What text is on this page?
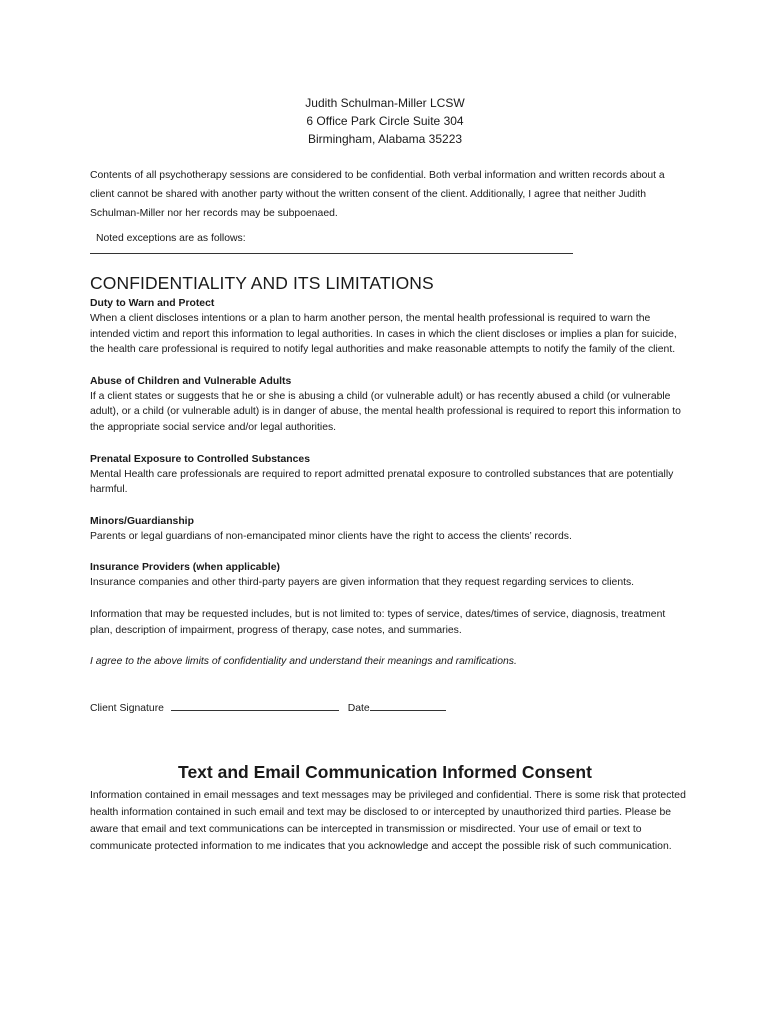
Judith Schulman-Miller LCSW
6 Office Park Circle Suite 304
Birmingham, Alabama 35223

Contents of all psychotherapy sessions are considered to be confidential. Both verbal information and written records about a client cannot be shared with another party without the written consent of the client. Additionally, I agree that neither Judith Schulman-Miller nor her records may be subpoenaed.

Noted exceptions are as follows:
CONFIDENTIALITY AND ITS LIMITATIONS

Duty to Warn and Protect

When a client discloses intentions or a plan to harm another person, the mental health professional is required to warn the intended victim and report this information to legal authorities. In cases in which the client discloses or implies a plan for suicide, the health care professional is required to notify legal authorities and make reasonable attempts to notify the family of the client.

Abuse of Children and Vulnerable Adults

If a client states or suggests that he or she is abusing a child (or vulnerable adult) or has recently abused a child (or vulnerable adult), or a child (or vulnerable adult) is in danger of abuse, the mental health professional is required to report this information to the appropriate social service and/or legal authorities.

Prenatal Exposure to Controlled Substances

Mental Health care professionals are required to report admitted prenatal exposure to controlled substances that are potentially harmful.

Minors/Guardianship

Parents or legal guardians of non-emancipated minor clients have the right to access the clients’ records.

Insurance Providers (when applicable)

Insurance companies and other third-party payers are given information that they request regarding services to clients.

Information that may be requested includes, but is not limited to: types of service, dates/times of service, diagnosis, treatment plan, description of impairment, progress of therapy, case notes, and summaries.

I agree to the above limits of confidentiality and understand their meanings and ramifications.

Client Signature	Date
Text and Email Communication Informed Consent

Information contained in email messages and text messages may be privileged and confidential. There is some risk that protected health information contained in such email and text may be disclosed to or intercepted by unauthorized third parties. Please be aware that email and text communications can be intercepted in transmission or misdirected. Your use of email or text to communicate protected information to me indicates that you acknowledge and accept the possible risk of such communication.
